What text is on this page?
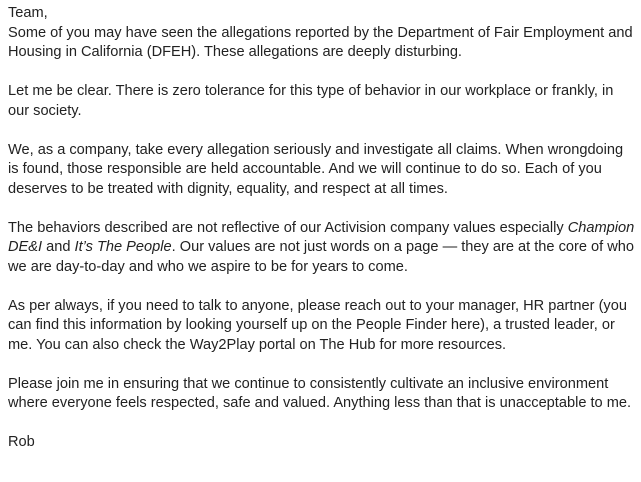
Team,

Some of you may have seen the allegations reported by the Department of Fair Employment and Housing in California (DFEH). These allegations are deeply disturbing.

Let me be clear. There is zero tolerance for this type of behavior in our workplace or frankly, in our society.

We, as a company, take every allegation seriously and investigate all claims. When wrongdoing is found, those responsible are held accountable. And we will continue to do so. Each of you deserves to be treated with dignity, equality, and respect at all times.

The behaviors described are not reflective of our Activision company values especially Champion DE&I and It’s The People. Our values are not just words on a page — they are at the core of who we are day-to-day and who we aspire to be for years to come.

As per always, if you need to talk to anyone, please reach out to your manager, HR partner (you can find this information by looking yourself up on the People Finder here), a trusted leader, or me. You can also check the Way2Play portal on The Hub for more resources.

Please join me in ensuring that we continue to consistently cultivate an inclusive environment where everyone feels respected, safe and valued. Anything less than that is unacceptable to me.

Rob
